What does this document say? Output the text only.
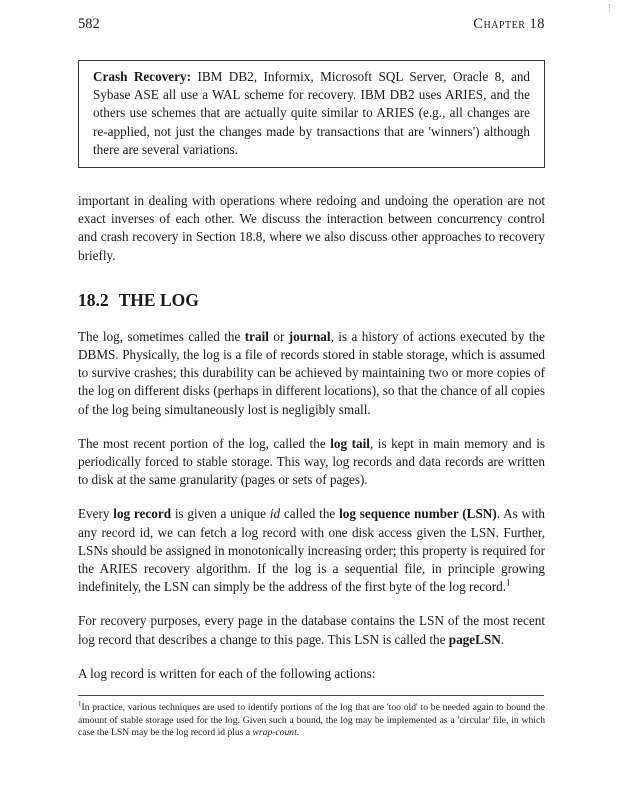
582	Chapter 18
Crash Recovery: IBM DB2, Informix, Microsoft SQL Server, Oracle 8, and Sybase ASE all use a WAL scheme for recovery. IBM DB2 uses ARIES, and the others use schemes that are actually quite similar to ARIES (e.g., all changes are re-applied, not just the changes made by transactions that are 'winners') although there are several variations.

important in dealing with operations where redoing and undoing the operation are not exact inverses of each other. We discuss the interaction between concurrency control and crash recovery in Section 18.8, where we also discuss other approaches to recovery briefly.

18.2 THE LOG

The log, sometimes called the trail or journal, is a history of actions executed by the DBMS. Physically, the log is a file of records stored in stable storage, which is assumed to survive crashes; this durability can be achieved by maintaining two or more copies of the log on different disks (perhaps in different locations), so that the chance of all copies of the log being simultaneously lost is negligibly small.

The most recent portion of the log, called the log tail, is kept in main memory and is periodically forced to stable storage. This way, log records and data records are written to disk at the same granularity (pages or sets of pages).

Every log record is given a unique id called the log sequence number (LSN). As with any record id, we can fetch a log record with one disk access given the LSN. Further, LSNs should be assigned in monotonically increasing order; this property is required for the ARIES recovery algorithm. If the log is a sequential file, in principle growing indefinitely, the LSN can simply be the address of the first byte of the log record.$^1$

For recovery purposes, every page in the database contains the LSN of the most recent log record that describes a change to this page. This LSN is called the pageLSN.

A log record is written for each of the following actions:

$^1$In practice, various techniques are used to identify portions of the log that are 'too old' to be needed again to bound the amount of stable storage used for the log. Given such a bound, the log may be implemented as a 'circular' file, in which case the LSN may be the log record id plus a wrap-count.
